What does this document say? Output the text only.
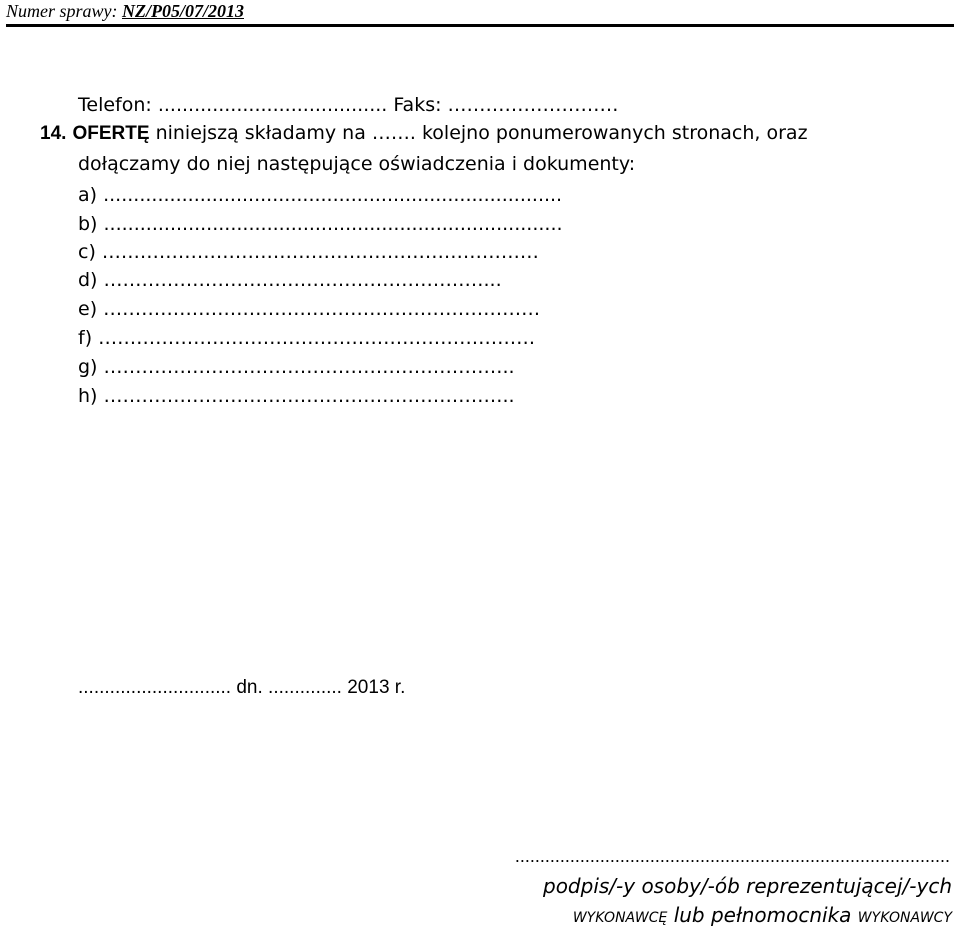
Numer sprawy: NZ/P05/07/2013
Telefon: ...................................... Faks: ………………………
14. OFERTĘ niniejszą składamy na ……. kolejno ponumerowanych stronach, oraz
dołączamy do niej następujące oświadczenia i dokumenty:
a) ............................................................................
b) ............................................................................
c) ……………………………………………………………
d) ……………………………………………………...
e) ……………………………………………………………
f) ……………………………………………………………
g) ………………………………………………………..
h) ………………………………………………………..
............................. dn. .............. 2013 r.
.......................................................................................
podpis/-y osoby/-ób reprezentującej/-ych
WYKONAWCĘ lub pełnomocnika WYKONAWCY
